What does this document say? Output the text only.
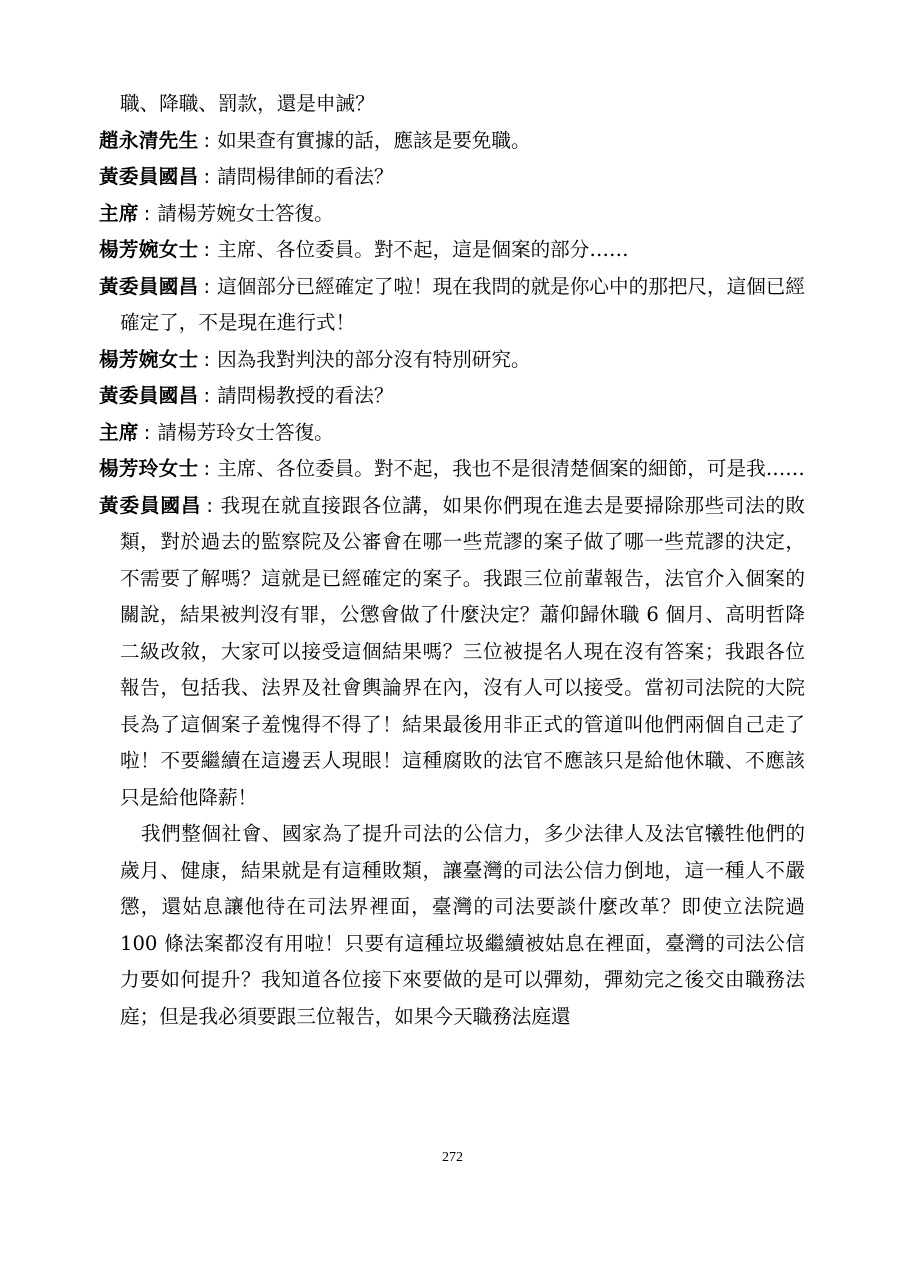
職、降職、罰款，還是申誡？

趙永清先生 : 如果查有實據的話，應該是要免職。

黃委員國昌 : 請問楊律師的看法？

主席 : 請楊芳婉女士答復。

楊芳婉女士 : 主席、各位委員。對不起，這是個案的部分……

黃委員國昌 : 這個部分已經確定了啦！現在我問的就是你心中的那把尺，這個已經確定了，不是現在進行式！

楊芳婉女士 : 因為我對判決的部分沒有特別研究。

黃委員國昌 : 請問楊教授的看法？

主席 : 請楊芳玲女士答復。

楊芳玲女士 : 主席、各位委員。對不起，我也不是很清楚個案的細節，可是我……

黃委員國昌 : 我現在就直接跟各位講，如果你們現在進去是要掃除那些司法的敗類，對於過去的監察院及公審會在哪一些荒謬的案子做了哪一些荒謬的決定，不需要了解嗎？這就是已經確定的案子。我跟三位前輩報告，法官介入個案的關說，結果被判沒有罪，公懲會做了什麼決定？蕭仰歸休職 6 個月、高明哲降二級改敘，大家可以接受這個結果嗎？三位被提名人現在沒有答案；我跟各位報告，包括我、法界及社會輿論界在內，沒有人可以接受。當初司法院的大院長為了這個案子羞愧得不得了！結果最後用非正式的管道叫他們兩個自己走了啦！不要繼續在這邊丟人現眼！這種腐敗的法官不應該只是給他休職、不應該只是給他降薪！

我們整個社會、國家為了提升司法的公信力，多少法律人及法官犧牲他們的歲月、健康，結果就是有這種敗類，讓臺灣的司法公信力倒地，這一種人不嚴懲，還姑息讓他待在司法界裡面，臺灣的司法要談什麼改革？即使立法院過 100 條法案都沒有用啦！只要有這種垃圾繼續被姑息在裡面，臺灣的司法公信力要如何提升？我知道各位接下來要做的是可以彈劾，彈劾完之後交由職務法庭；但是我必須要跟三位報告，如果今天職務法庭還

272
